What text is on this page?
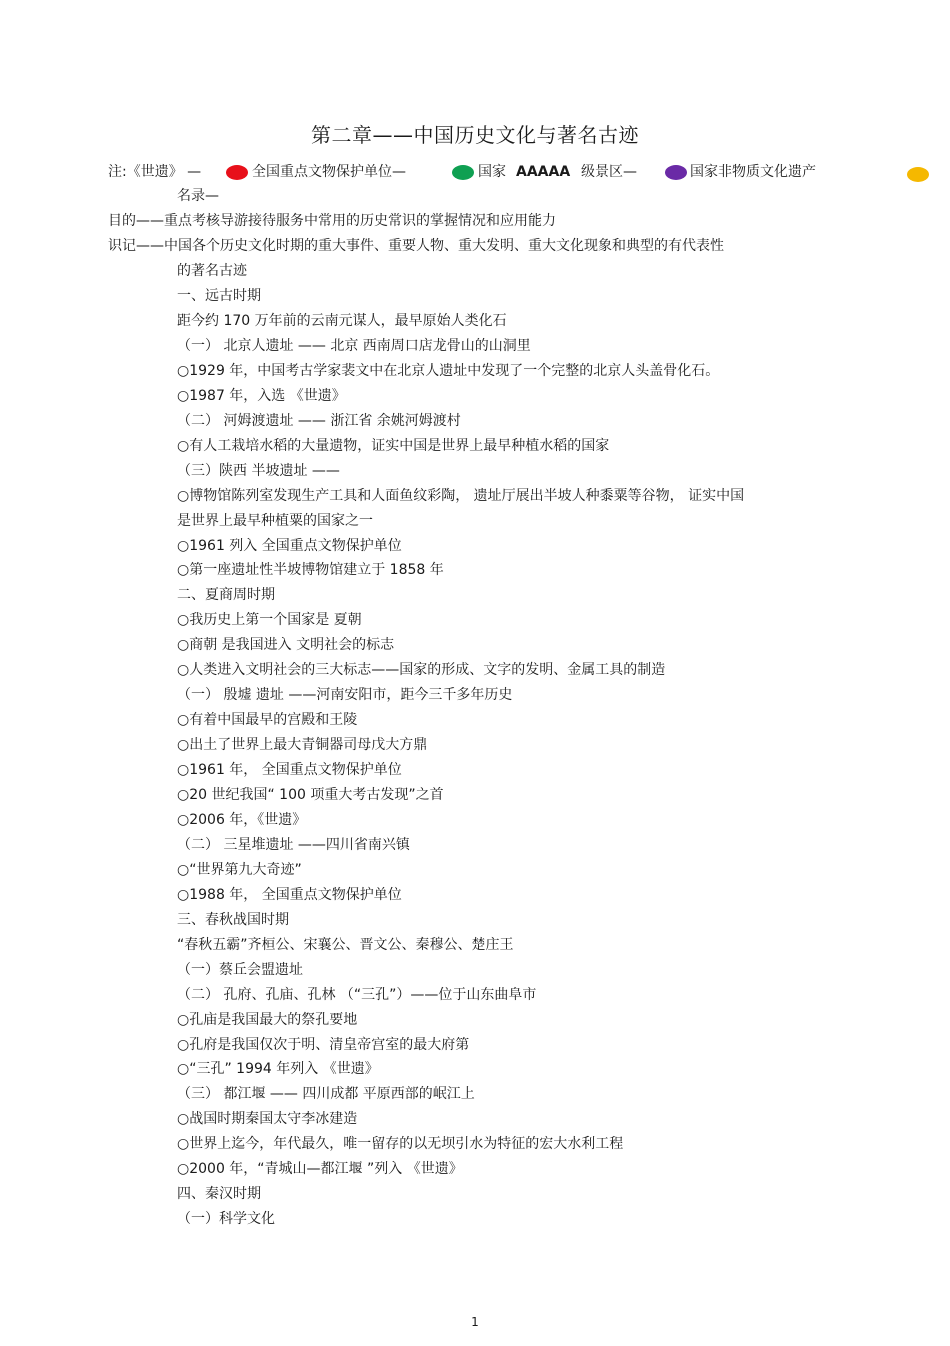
第二章——中国历史文化与著名古迹
注:《世遗》 —	全国重点文物保护单位—	国家 AAAAA 级景区—	国家非物质文化遗产
名录—
目的——重点考核导游接待服务中常用的历史常识的掌握情况和应用能力
识记——中国各个历史文化时期的重大事件、重要人物、重大发明、重大文化现象和典型的有代表性
的著名古迹
一、远古时期
距今约 170 万年前的云南元谋人，最早原始人类化石
（一） 北京人遗址 —— 北京 西南周口店龙骨山的山洞里
○1929 年，中国考古学家裴文中在北京人遗址中发现了一个完整的北京人头盖骨化石。
○1987 年，入选 《世遗》
（二） 河姆渡遗址 —— 浙江省 余姚河姆渡村
○有人工栽培水稻的大量遗物，证实中国是世界上最早种植水稻的国家
（三）陕西 半坡遗址 ——
○博物馆陈列室发现生产工具和人面鱼纹彩陶， 遗址厅展出半坡人种黍粟等谷物， 证实中国
是世界上最早种植粟的国家之一
○1961 列入 全国重点文物保护单位
○第一座遗址性半坡博物馆建立于 1858 年
二、夏商周时期
○我历史上第一个国家是 夏朝
○商朝 是我国进入 文明社会的标志
○人类进入文明社会的三大标志——国家的形成、文字的发明、金属工具的制造
（一） 殷墟 遗址 ——河南安阳市，距今三千多年历史
○有着中国最早的宫殿和王陵
○出土了世界上最大青铜器司母戊大方鼎
○1961 年， 全国重点文物保护单位
○20 世纪我国“ 100 项重大考古发现”之首
○2006 年，《世遗》
（二） 三星堆遗址 ——四川省南兴镇
○“世界第九大奇迹”
○1988 年， 全国重点文物保护单位
三、春秋战国时期
“春秋五霸”齐桓公、宋襄公、晋文公、秦穆公、楚庄王
（一）蔡丘会盟遗址
（二） 孔府、孔庙、孔林 （“三孔”）——位于山东曲阜市
○孔庙是我国最大的祭孔要地
○孔府是我国仅次于明、清皇帝宫室的最大府第
○“三孔” 1994 年列入 《世遗》
（三） 都江堰 —— 四川成都 平原西部的岷江上
○战国时期秦国太守李冰建造
○世界上迄今，年代最久，唯一留存的以无坝引水为特征的宏大水利工程
○2000 年，“青城山—都江堰 ”列入 《世遗》
四、秦汉时期
（一）科学文化
1
